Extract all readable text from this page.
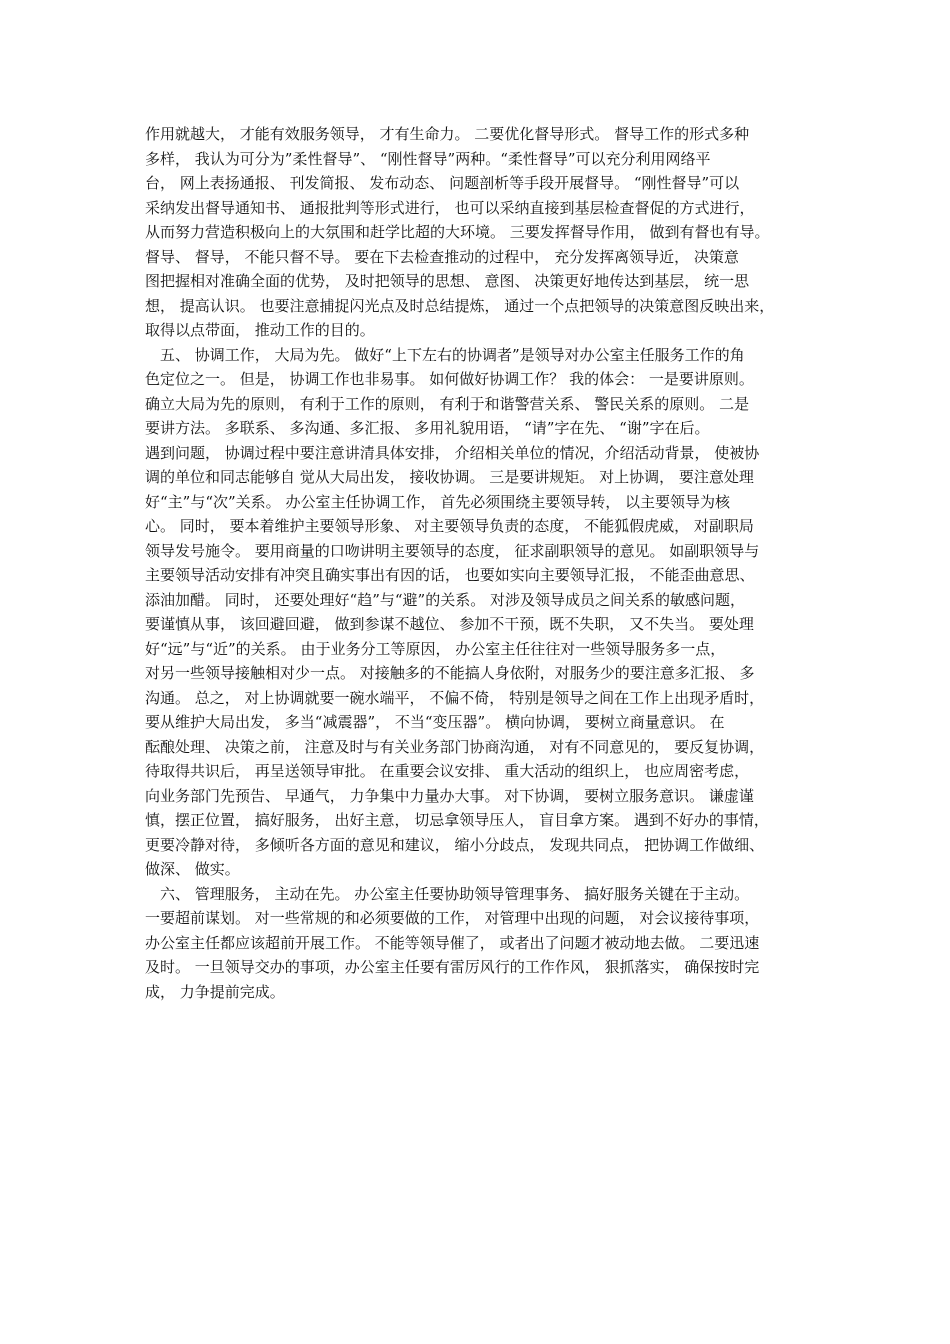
作用就越大， 才能有效服务领导， 才有生命力。 二要优化督导形式。 督导工作的形式多种
多样， 我认为可分为”柔性督导”、 “刚性督导”两种。“柔性督导”可以充分利用网络平
台， 网上表扬通报、 刊发简报、 发布动态、 问题剖析等手段开展督导。 “刚性督导”可以
采纳发出督导通知书、 通报批判等形式进行， 也可以采纳直接到基层检查督促的方式进行，
从而努力营造积极向上的大氛围和赶学比超的大环境。 三要发挥督导作用， 做到有督也有导。
督导、 督导， 不能只督不导。 要在下去检查推动的过程中， 充分发挥离领导近， 决策意
图把握相对准确全面的优势， 及时把领导的思想、 意图、 决策更好地传达到基层， 统一思
想， 提高认识。 也要注意捕捉闪光点及时总结提炼， 通过一个点把领导的决策意图反映出来，
取得以点带面， 推动工作的目的。
　五、 协调工作， 大局为先。 做好“上下左右的协调者”是领导对办公室主任服务工作的角
色定位之一。 但是， 协调工作也非易事。 如何做好协调工作？ 我的体会： 一是要讲原则。
确立大局为先的原则， 有利于工作的原则， 有利于和谐警营关系、 警民关系的原则。 二是
要讲方法。 多联系、 多沟通、多汇报、 多用礼貌用语， “请”字在先、 “谢”字在后。
遇到问题， 协调过程中要注意讲清具体安排， 介绍相关单位的情况，介绍活动背景， 使被协
调的单位和同志能够自 觉从大局出发， 接收协调。 三是要讲规矩。 对上协调， 要注意处理
好“主”与“次”关系。 办公室主任协调工作， 首先必须围绕主要领导转， 以主要领导为核
心。 同时， 要本着维护主要领导形象、 对主要领导负责的态度， 不能狐假虎威， 对副职局
领导发号施令。 要用商量的口吻讲明主要领导的态度， 征求副职领导的意见。 如副职领导与
主要领导活动安排有冲突且确实事出有因的话， 也要如实向主要领导汇报， 不能歪曲意思、
添油加醋。 同时， 还要处理好“趋”与“避”的关系。 对涉及领导成员之间关系的敏感问题，
要谨慎从事， 该回避回避， 做到参谋不越位、 参加不干预，既不失职， 又不失当。 要处理
好“远”与“近”的关系。 由于业务分工等原因， 办公室主任往往对一些领导服务多一点，
对另一些领导接触相对少一点。 对接触多的不能搞人身依附，对服务少的要注意多汇报、 多
沟通。 总之， 对上协调就要一碗水端平， 不偏不倚， 特别是领导之间在工作上出现矛盾时，
要从维护大局出发， 多当“减震器”， 不当“变压器”。 横向协调， 要树立商量意识。 在
酝酿处理、 决策之前， 注意及时与有关业务部门协商沟通， 对有不同意见的， 要反复协调，
待取得共识后， 再呈送领导审批。 在重要会议安排、 重大活动的组织上， 也应周密考虑，
向业务部门先预告、 早通气， 力争集中力量办大事。 对下协调， 要树立服务意识。 谦虚谨
慎，摆正位置， 搞好服务， 出好主意， 切忌拿领导压人， 盲目拿方案。 遇到不好办的事情，
更要冷静对待， 多倾听各方面的意见和建议， 缩小分歧点， 发现共同点， 把协调工作做细、
做深、 做实。
　六、 管理服务， 主动在先。 办公室主任要协助领导管理事务、 搞好服务关键在于主动。
一要超前谋划。 对一些常规的和必须要做的工作， 对管理中出现的问题， 对会议接待事项，
办公室主任都应该超前开展工作。 不能等领导催了， 或者出了问题才被动地去做。 二要迅速
及时。 一旦领导交办的事项，办公室主任要有雷厉风行的工作作风， 狠抓落实， 确保按时完
成， 力争提前完成。
